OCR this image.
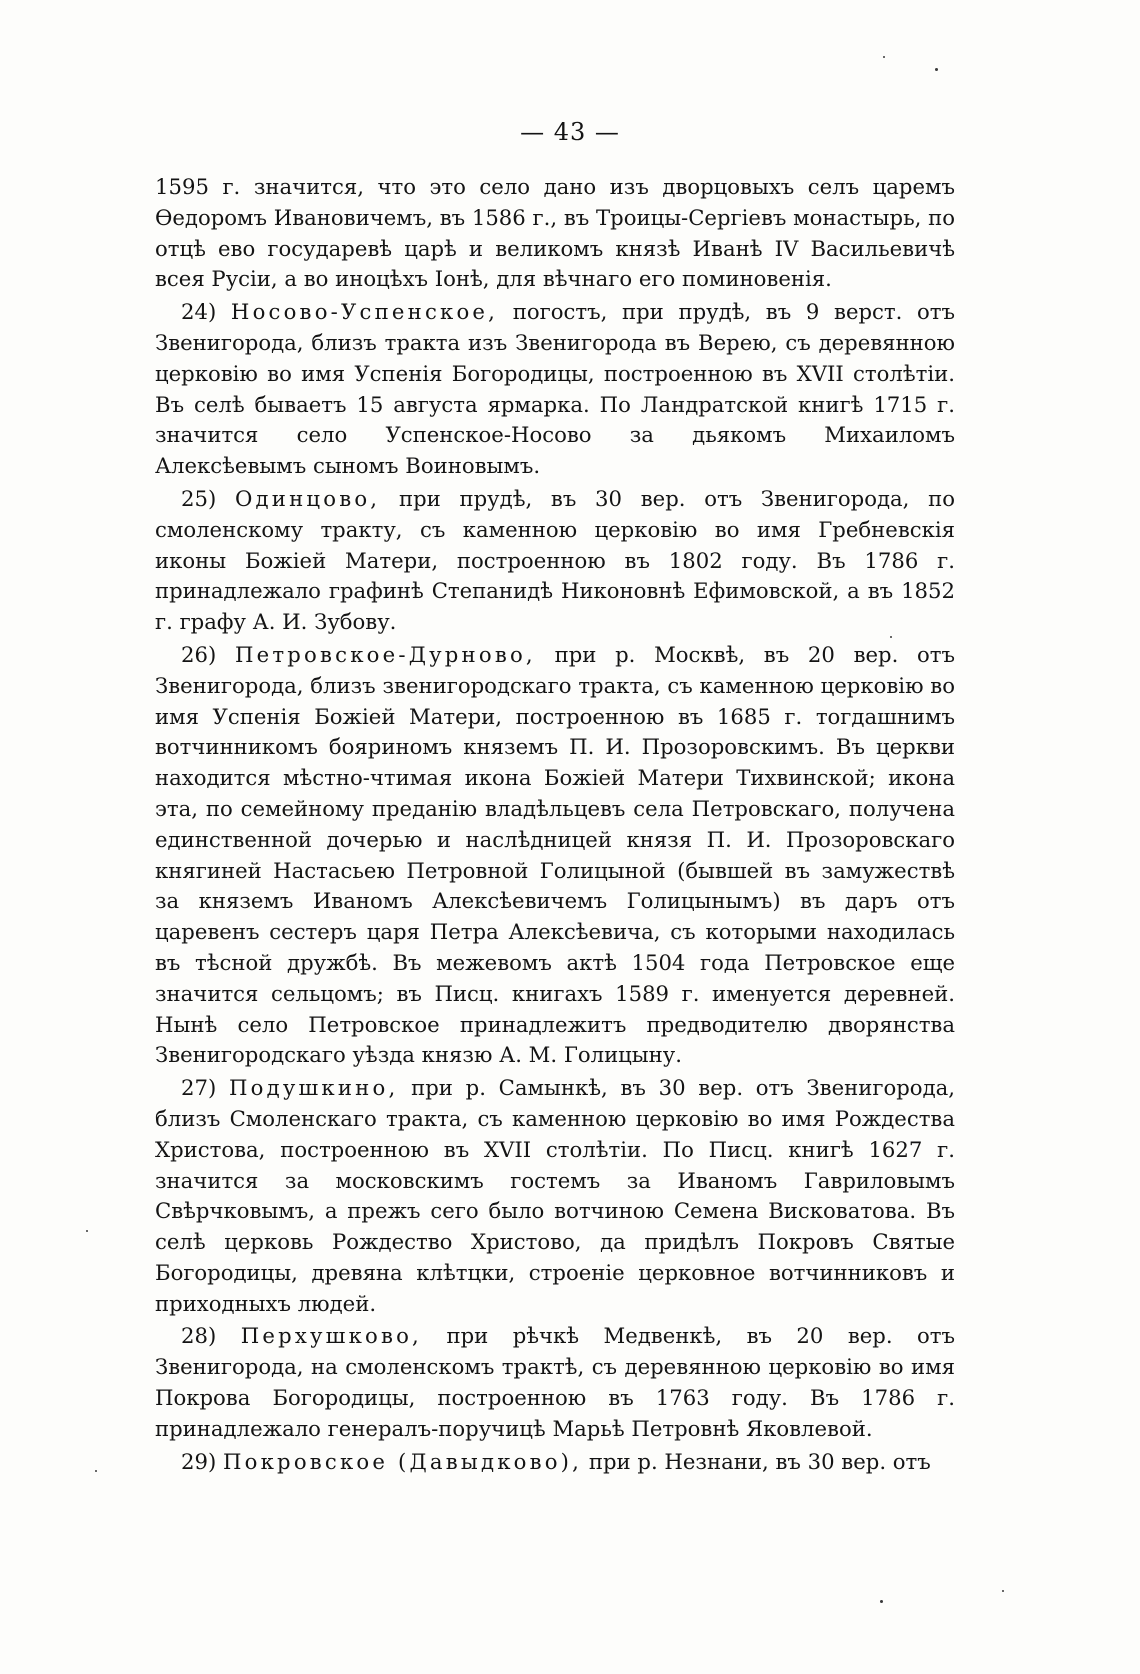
— 43 —

1595 г. значится, что это село дано изъ дворцовыхъ селъ царемъ Ѳедоромъ Ивановичемъ, въ 1586 г., въ Троицы-Сергіевъ монастырь, по отцѣ ево государевѣ царѣ и великомъ князѣ Иванѣ IV Васильевичѣ всея Русіи, а во иноцѣхъ Іонѣ, для вѣчнаго его поминовенія.

24) Носово-Успенское, погостъ, при прудѣ, въ 9 верст. отъ Звенигорода, близъ тракта изъ Звенигорода въ Верею, съ деревянною церковію во имя Успенія Богородицы, построенною въ XVII столѣтіи. Въ селѣ бываетъ 15 августа ярмарка. По Ландратской книгѣ 1715 г. значится село Успенское-Носово за дьякомъ Михаиломъ Алексѣевымъ сыномъ Воиновымъ.

25) Одинцово, при прудѣ, въ 30 вер. отъ Звенигорода, по смоленскому тракту, съ каменною церковію во имя Гребневскія иконы Божіей Матери, построенною въ 1802 году. Въ 1786 г. принадлежало графинѣ Степанидѣ Никоновнѣ Ефимовской, а въ 1852 г. графу А. И. Зубову.

26) Петровское-Дурново, при р. Москвѣ, въ 20 вер. отъ Звенигорода, близъ звенигородскаго тракта, съ каменною церковію во имя Успенія Божіей Матери, построенною въ 1685 г. тогдашнимъ вотчинникомъ бояриномъ княземъ П. И. Прозоровскимъ. Въ церкви находится мѣстно-чтимая икона Божіей Матери Тихвинской; икона эта, по семейному преданію владѣльцевъ села Петровскаго, получена единственной дочерью и наслѣдницей князя П. И. Прозоровскаго княгиней Настасьею Петровной Голицыной (бывшей въ замужествѣ за княземъ Иваномъ Алексѣевичемъ Голицынымъ) въ даръ отъ царевенъ сестеръ царя Петра Алексѣевича, съ которыми находилась въ тѣсной дружбѣ. Въ межевомъ актѣ 1504 года Петровское еще значится сельцомъ; въ Писц. книгахъ 1589 г. именуется деревней. Нынѣ село Петровское принадлежитъ предводителю дворянства Звенигородскаго уѣзда князю А. М. Голицыну.

27) Подушкино, при р. Самынкѣ, въ 30 вер. отъ Звенигорода, близъ Смоленскаго тракта, съ каменною церковію во имя Рождества Христова, построенною въ XVII столѣтіи. По Писц. книгѣ 1627 г. значится за московскимъ гостемъ за Иваномъ Гавриловымъ Свѣрчковымъ, а прежъ сего было вотчиною Семена Висковатова. Въ селѣ церковь Рождество Христово, да придѣлъ Покровъ Святые Богородицы, древяна клѣтцки, строеніе церковное вотчинниковъ и приходныхъ людей.

28) Перхушково, при рѣчкѣ Медвенкѣ, въ 20 вер. отъ Звенигорода, на смоленскомъ трактѣ, съ деревянною церковію во имя Покрова Богородицы, построенною въ 1763 году. Въ 1786 г. принадлежало генералъ-поручицѣ Марьѣ Петровнѣ Яковлевой.

29) Покровское (Давыдково), при р. Незнани, въ 30 вер. отъ
